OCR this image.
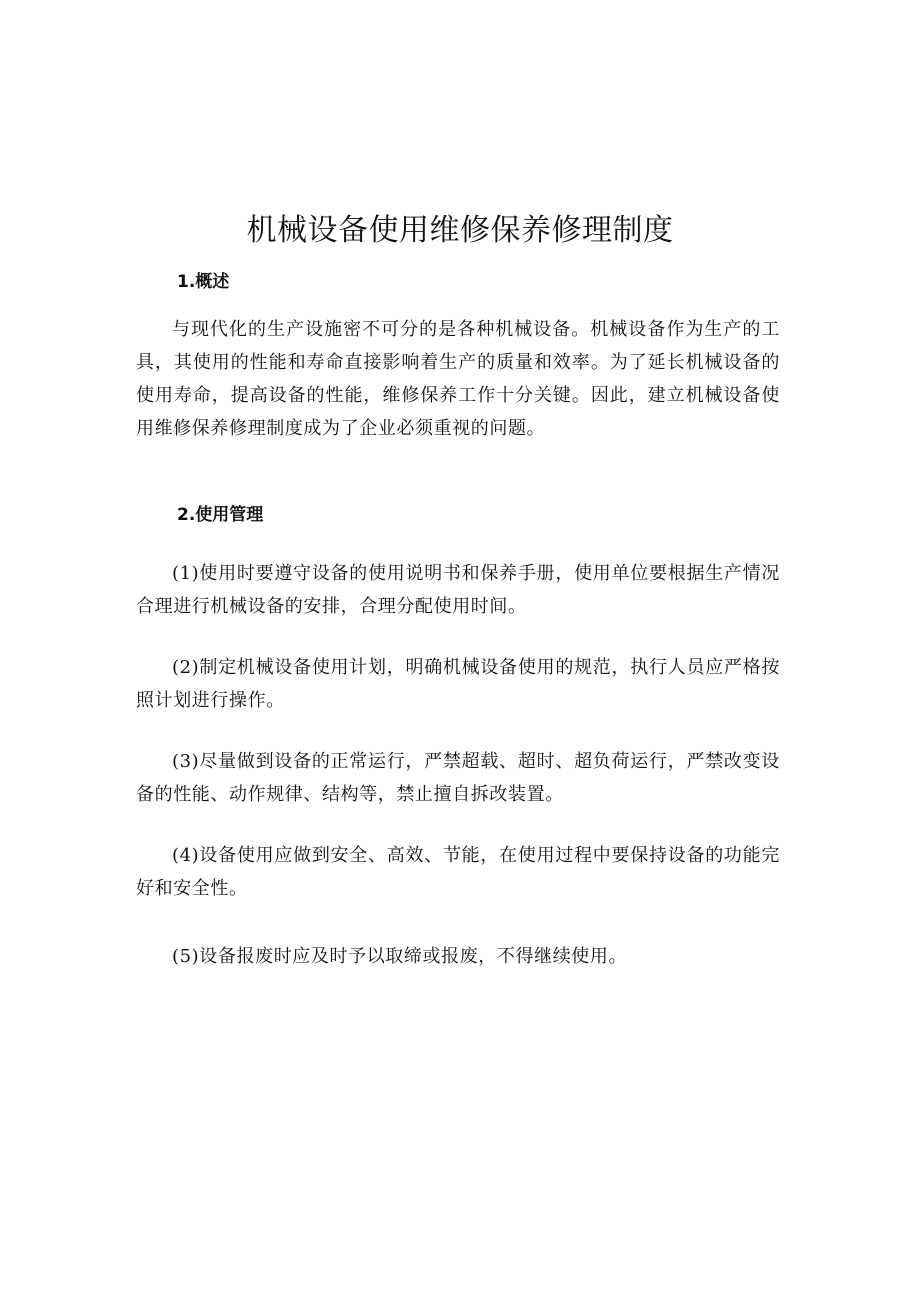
机械设备使用维修保养修理制度
1.概述
与现代化的生产设施密不可分的是各种机械设备。机械设备作为生产的工具，其使用的性能和寿命直接影响着生产的质量和效率。为了延长机械设备的使用寿命，提高设备的性能，维修保养工作十分关键。因此，建立机械设备使用维修保养修理制度成为了企业必须重视的问题。
2.使用管理
(1)使用时要遵守设备的使用说明书和保养手册，使用单位要根据生产情况合理进行机械设备的安排，合理分配使用时间。
(2)制定机械设备使用计划，明确机械设备使用的规范，执行人员应严格按照计划进行操作。
(3)尽量做到设备的正常运行，严禁超载、超时、超负荷运行，严禁改变设备的性能、动作规律、结构等，禁止擅自拆改装置。
(4)设备使用应做到安全、高效、节能，在使用过程中要保持设备的功能完好和安全性。
(5)设备报废时应及时予以取缔或报废，不得继续使用。
